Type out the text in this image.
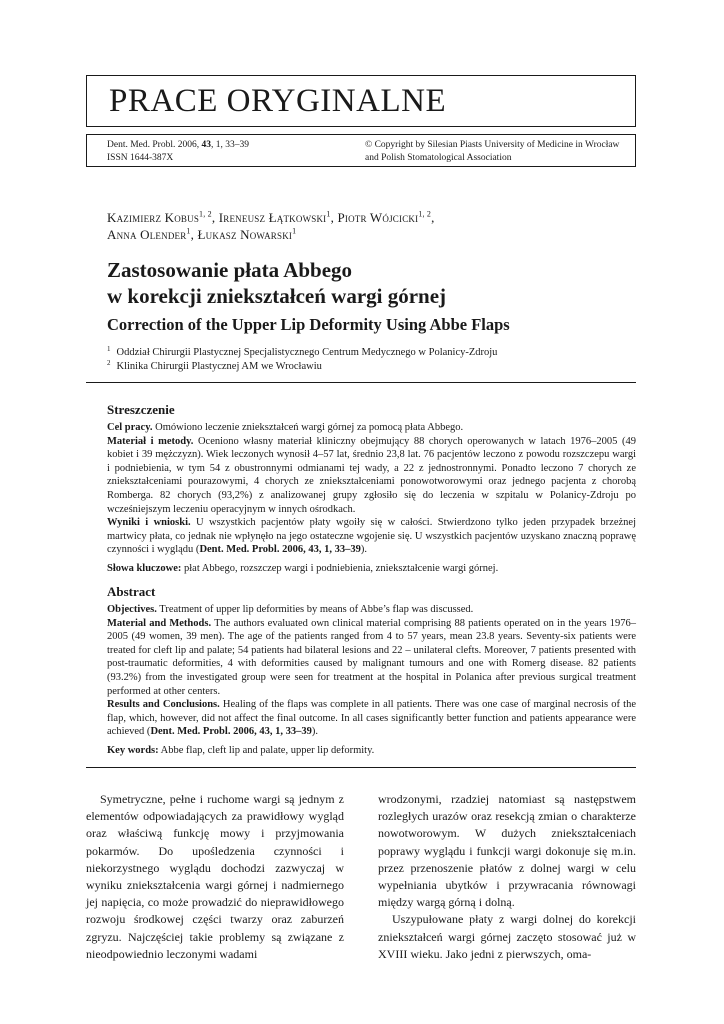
PRACE ORYGINALNE
Dent. Med. Probl. 2006, 43, 1, 33–39
ISSN 1644-387X
© Copyright by Silesian Piasts University of Medicine in Wrocław
and Polish Stomatological Association
Kazimierz Kobus$^{1, 2}$, Ireneusz Łątkowski$^1$, Piotr Wójcicki$^{1, 2}$,
Anna Olender$^1$, Łukasz Nowarski$^1$
Zastosowanie płata Abbego
w korekcji zniekształceń wargi górnej
Correction of the Upper Lip Deformity Using Abbe Flaps
$^1$ Oddział Chirurgii Plastycznej Specjalistycznego Centrum Medycznego w Polanicy-Zdroju
$^2$ Klinika Chirurgii Plastycznej AM we Wrocławiu
Streszczenie

Cel pracy. Omówiono leczenie zniekształceń wargi górnej za pomocą płata Abbego.

Materiał i metody. Oceniono własny materiał kliniczny obejmujący 88 chorych operowanych w latach 1976–2005 (49 kobiet i 39 mężczyzn). Wiek leczonych wynosił 4–57 lat, średnio 23,8 lat. 76 pacjentów leczono z powodu rozszczepu wargi i podniebienia, w tym 54 z obustronnymi odmianami tej wady, a 22 z jednostronnymi. Ponadto leczono 7 chorych ze zniekształceniami pourazowymi, 4 chorych ze zniekształceniami ponowotworowymi oraz jednego pacjenta z chorobą Romberga. 82 chorych (93,2%) z analizowanej grupy zgłosiło się do leczenia w szpitalu w Polanicy-Zdroju po wcześniejszym leczeniu operacyjnym w innych ośrodkach.

Wyniki i wnioski. U wszystkich pacjentów płaty wgoiły się w całości. Stwierdzono tylko jeden przypadek brzeżnej martwicy płata, co jednak nie wpłynęło na jego ostateczne wgojenie się. U wszystkich pacjentów uzyskano znaczną poprawę czynności i wyglądu (Dent. Med. Probl. 2006, 43, 1, 33–39).

Słowa kluczowe: płat Abbego, rozszczep wargi i podniebienia, zniekształcenie wargi górnej.

Abstract

Objectives. Treatment of upper lip deformities by means of Abbe’s flap was discussed.

Material and Methods. The authors evaluated own clinical material comprising 88 patients operated on in the years 1976–2005 (49 women, 39 men). The age of the patients ranged from 4 to 57 years, mean 23.8 years. Seventy-six patients were treated for cleft lip and palate; 54 patients had bilateral lesions and 22 – unilateral clefts. Moreover, 7 patients presented with post-traumatic deformities, 4 with deformities caused by malignant tumours and one with Romerg disease. 82 patients (93.2%) from the investigated group were seen for treatment at the hospital in Polanica after previous surgical treatment performed at other centers.

Results and Conclusions. Healing of the flaps was complete in all patients. There was one case of marginal necrosis of the flap, which, however, did not affect the final outcome. In all cases significantly better function and patients appearance were achieved (Dent. Med. Probl. 2006, 43, 1, 33–39).

Key words: Abbe flap, cleft lip and palate, upper lip deformity.

Symetryczne, pełne i ruchome wargi są jednym z elementów odpowiadających za prawidłowy wygląd oraz właściwą funkcję mowy i przyjmowania pokarmów. Do upośledzenia czynności i niekorzystnego wyglądu dochodzi zazwyczaj w wyniku zniekształcenia wargi górnej i nadmiernego jej napięcia, co może prowadzić do nieprawidłowego rozwoju środkowej części twarzy oraz zaburzeń zgryzu. Najczęściej takie problemy są związane z nieodpowiednio leczonymi wadami

wrodzonymi, rzadziej natomiast są następstwem rozległych urazów oraz resekcją zmian o charakterze nowotworowym. W dużych zniekształceniach poprawy wyglądu i funkcji wargi dokonuje się m.in. przez przenoszenie płatów z dolnej wargi w celu wypełniania ubytków i przywracania równowagi między wargą górną i dolną.

Uszypułowane płaty z wargi dolnej do korekcji zniekształceń wargi górnej zaczęto stosować już w XVIII wieku. Jako jedni z pierwszych, oma-
